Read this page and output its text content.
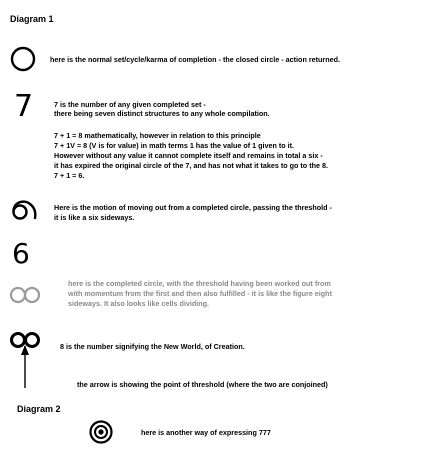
Diagram 1
here is the normal set/cycle/karma of completion - the closed circle - action returned.
7	7 is the number of any given completed set -
there being seven distinct structures to any whole compilation.
7 + 1 = 8 mathematically, however in relation to this principle
7 + 1V = 8 (V is for value) in math terms 1 has the value of 1 given to it.
However without any value it cannot complete itself and remains in total a six -
it has expired the original circle of the 7, and has not what it takes to go to the 8.
7 + 1 = 6.
Here is the motion of moving out from a completed circle, passing the threshold -
it is like a six sideways.
6
here is the completed circle, with the threshold having been worked out from
with momentum from the first and then also fulfilled - it is like the figure eight
sideways. It also looks like cells dividing.
8 is the number signifying the New World, of Creation.
the arrow is showing the point of threshold (where the two are conjoined)
Diagram 2
here is another way of expressing 777
